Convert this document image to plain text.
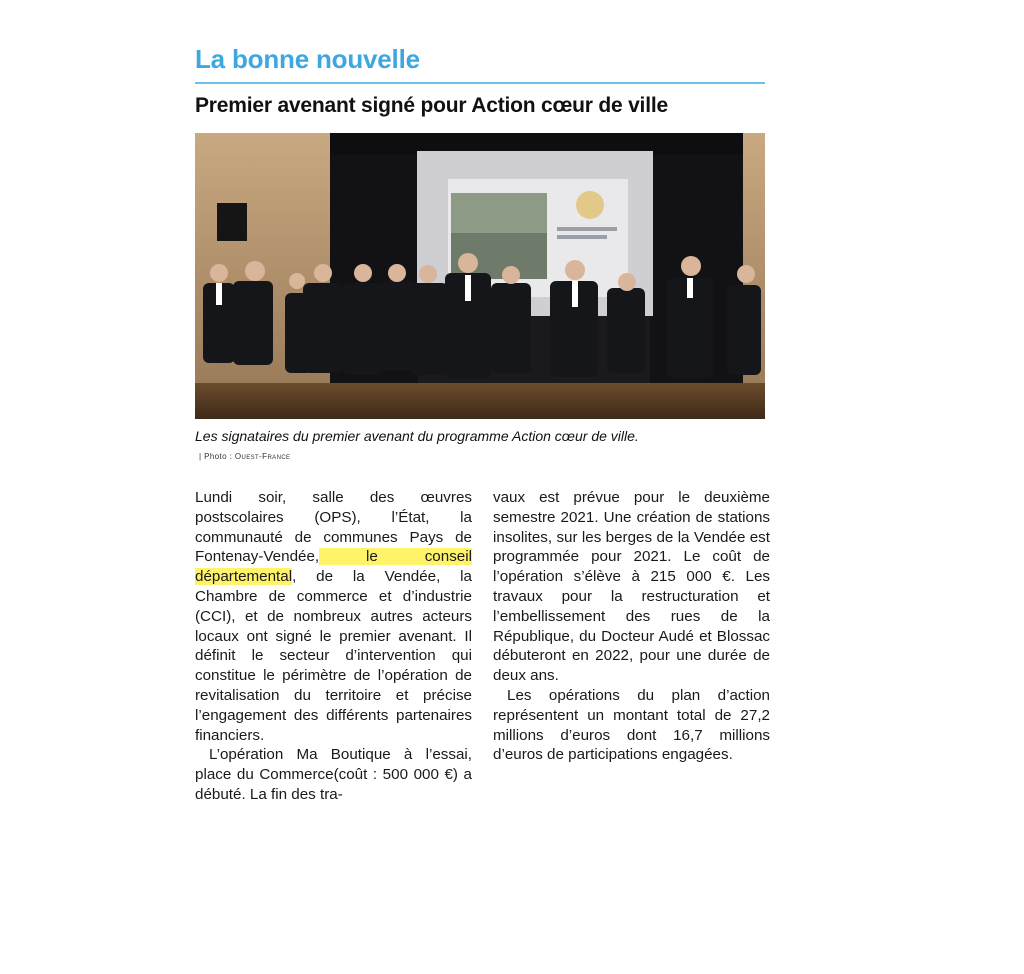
La bonne nouvelle
Premier avenant signé pour Action cœur de ville
Les signataires du premier avenant du programme Action cœur de ville.
| Photo : Ouest-France

Lundi soir, salle des œuvres postscolaires (OPS), l’État, la communauté de communes Pays de Fontenay-Vendée, le conseil départemental, de la Vendée, la Chambre de commerce et d’industrie (CCI), et de nombreux autres acteurs locaux ont signé le premier avenant. Il définit le secteur d’intervention qui constitue le périmètre de l’opération de revitalisation du territoire et précise l’engagement des différents partenaires financiers.

L’opération Ma Boutique à l’essai, place du Commerce(coût : 500 000 €) a débuté. La fin des tra-

vaux est prévue pour le deuxième semestre 2021. Une création de stations insolites, sur les berges de la Vendée est programmée pour 2021. Le coût de l’opération s’élève à 215 000 €. Les travaux pour la restructuration et l’embellissement des rues de la République, du Docteur Audé et Blossac débuteront en 2022, pour une durée de deux ans.

Les opérations du plan d’action représentent un montant total de 27,2 millions d’euros dont 16,7 millions d’euros de participations engagées.
